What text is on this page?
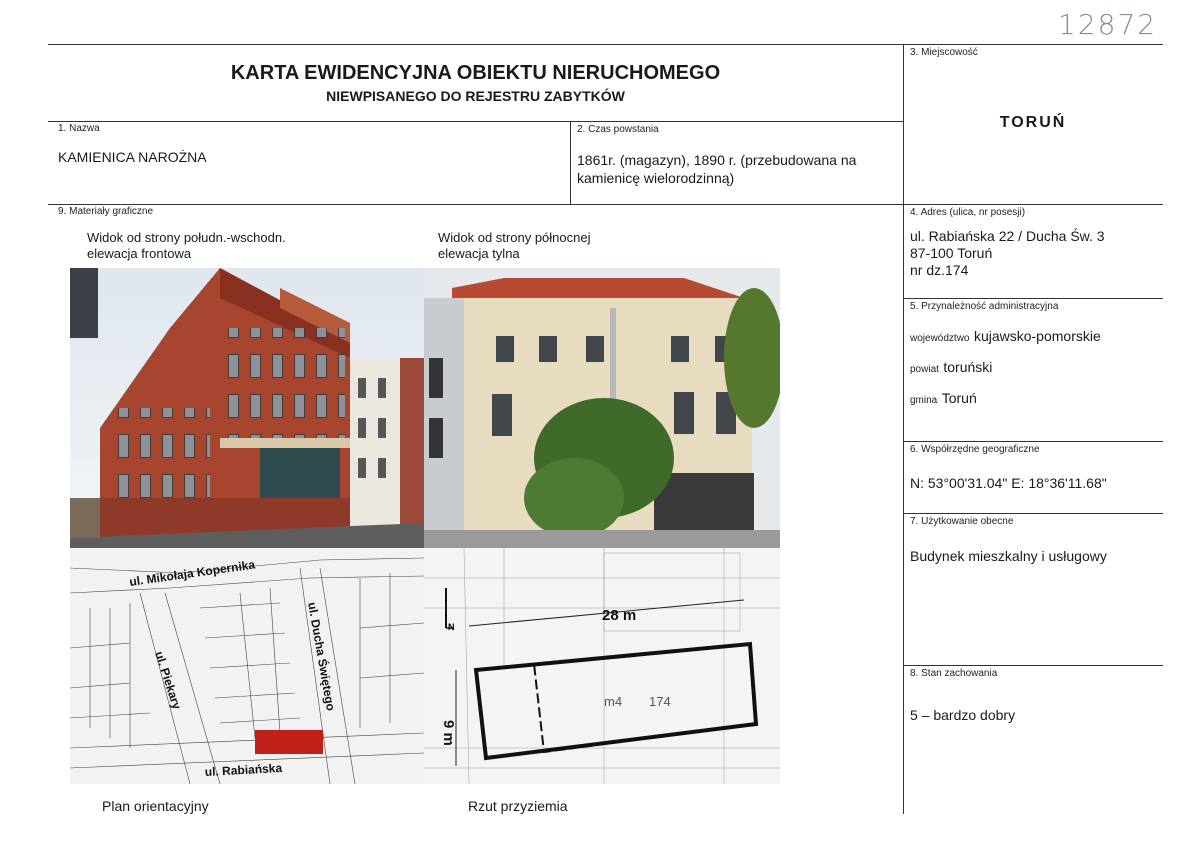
12872
KARTA EWIDENCYJNA OBIEKTU NIERUCHOMEGO
NIEWPISANEGO DO REJESTRU ZABYTKÓW
3. Miejscowość
TORUŃ
1. Nazwa
KAMIENICA NAROŻNA
2. Czas powstania
1861r. (magazyn), 1890 r. (przebudowana na
kamienicę wielorodzinną)
9. Materiały graficzne	4. Adres (ulica, nr posesji)
ul. Rabiańska 22 / Ducha Św. 3
87-100 Toruń
nr dz.174
5. Przynależność administracyjna
województwo kujawsko-pomorskie
powiat toruński
gmina Toruń
6. Współrzędne geograficzne
N: 53°00'31.04" E: 18°36'11.68"
7. Użytkowanie obecne
Budynek mieszkalny i usługowy
8. Stan zachowania
5 – bardzo dobry
Widok od strony połudn.-wschodn.
elewacja frontowa
Widok od strony północnej
elewacja tylna
ul. Mikołaja Kopernika
ul. Piekary	ul. Ducha Świętego
ul. Rabiańska
N
28 m
9 m
m4 174
Plan orientacyjny	Rzut przyziemia
